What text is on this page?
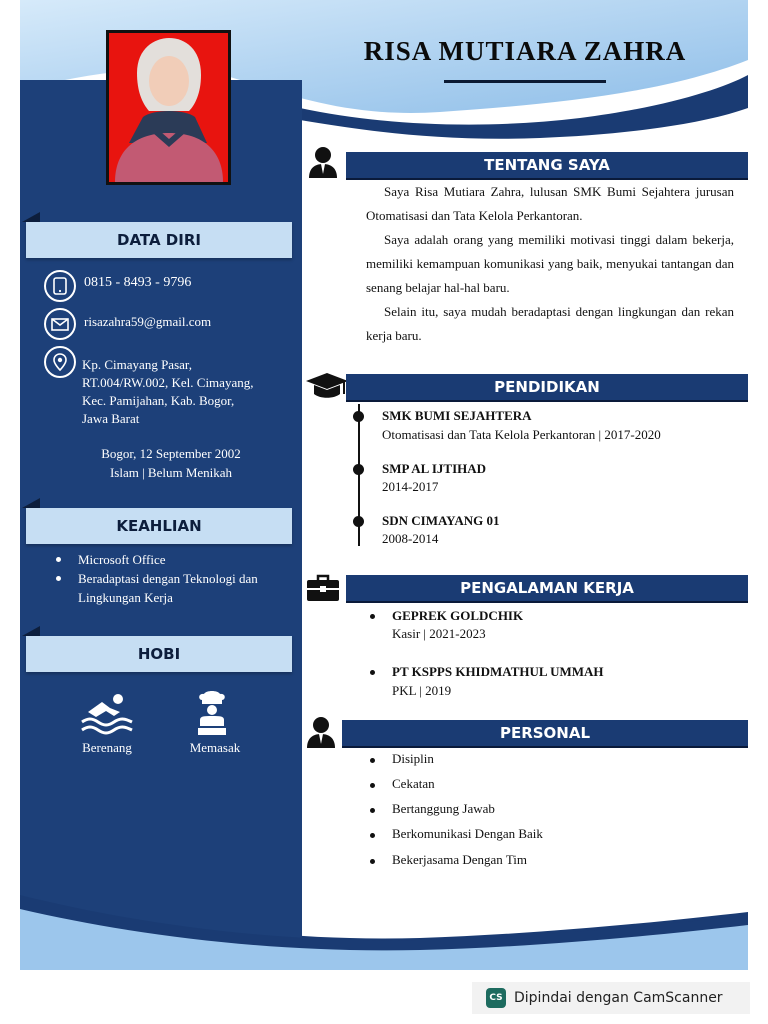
RISA MUTIARA ZAHRA
DATA DIRI
0815 - 8493 - 9796
risazahra59@gmail.com
Kp. Cimayang Pasar,
RT.004/RW.002, Kel. Cimayang,
Kec. Pamijahan, Kab. Bogor,
Jawa Barat
Bogor, 12 September 2002
Islam | Belum Menikah
KEAHLIAN
Microsoft Office
Beradaptasi dengan Teknologi dan Lingkungan Kerja
HOBI
Berenang	Memasak
TENTANG SAYA
Saya Risa Mutiara Zahra, lulusan SMK Bumi Sejahtera jurusan Otomatisasi dan Tata Kelola Perkantoran.
Saya adalah orang yang memiliki motivasi tinggi dalam bekerja, memiliki kemampuan komunikasi yang baik, menyukai tantangan dan senang belajar hal-hal baru.
Selain itu, saya mudah beradaptasi dengan lingkungan dan rekan kerja baru.
PENDIDIKAN
SMK BUMI SEJAHTERA
Otomatisasi dan Tata Kelola Perkantoran | 2017-2020
SMP AL IJTIHAD
2014-2017
SDN CIMAYANG 01
2008-2014
PENGALAMAN KERJA
GEPREK GOLDCHIK
Kasir | 2021-2023
PT KSPPS KHIDMATHUL UMMAH
PKL | 2019
PERSONAL
Disiplin
Cekatan
Bertanggung Jawab
Berkomunikasi Dengan Baik
Bekerjasama Dengan Tim
CS Dipindai dengan CamScanner
